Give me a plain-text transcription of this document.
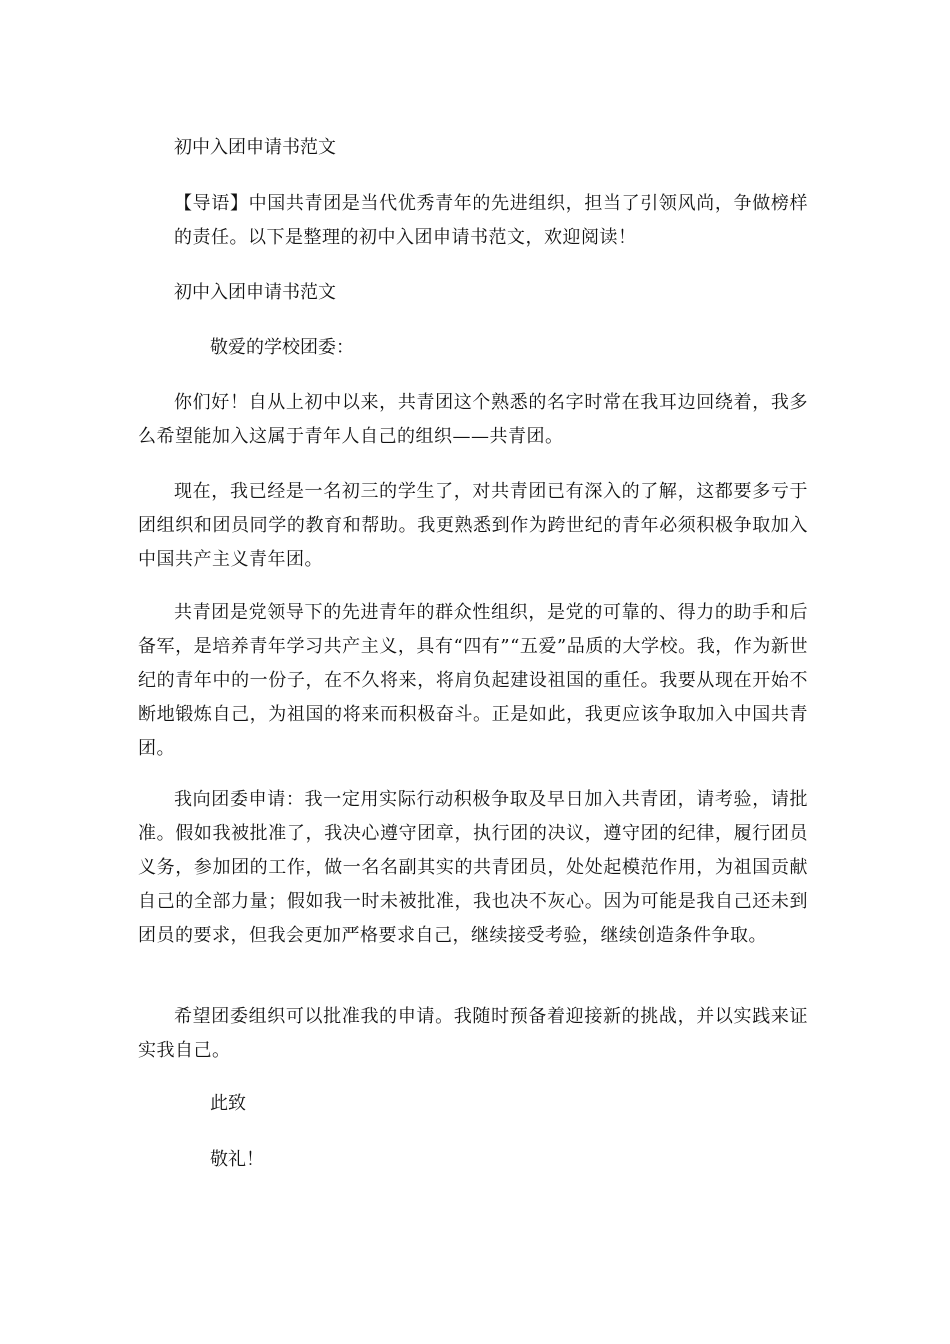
初中入团申请书范文
【导语】中国共青团是当代优秀青年的先进组织，担当了引领风尚，争做榜样的责任。以下是整理的初中入团申请书范文，欢迎阅读！
初中入团申请书范文
敬爱的学校团委：
你们好！自从上初中以来，共青团这个熟悉的名字时常在我耳边回绕着，我多么希望能加入这属于青年人自己的组织——共青团。
现在，我已经是一名初三的学生了，对共青团已有深入的了解，这都要多亏于团组织和团员同学的教育和帮助。我更熟悉到作为跨世纪的青年必须积极争取加入中国共产主义青年团。
共青团是党领导下的先进青年的群众性组织，是党的可靠的、得力的助手和后备军，是培养青年学习共产主义，具有“四有”“五爱”品质的大学校。我，作为新世纪的青年中的一份子，在不久将来，将肩负起建设祖国的重任。我要从现在开始不断地锻炼自己，为祖国的将来而积极奋斗。正是如此，我更应该争取加入中国共青团。
我向团委申请：我一定用实际行动积极争取及早日加入共青团，请考验，请批准。假如我被批准了，我决心遵守团章，执行团的决议，遵守团的纪律，履行团员义务，参加团的工作，做一名名副其实的共青团员，处处起模范作用，为祖国贡献自己的全部力量；假如我一时未被批准，我也决不灰心。因为可能是我自己还未到团员的要求，但我会更加严格要求自己，继续接受考验，继续创造条件争取。
希望团委组织可以批准我的申请。我随时预备着迎接新的挑战，并以实践来证实我自己。
此致
敬礼！
